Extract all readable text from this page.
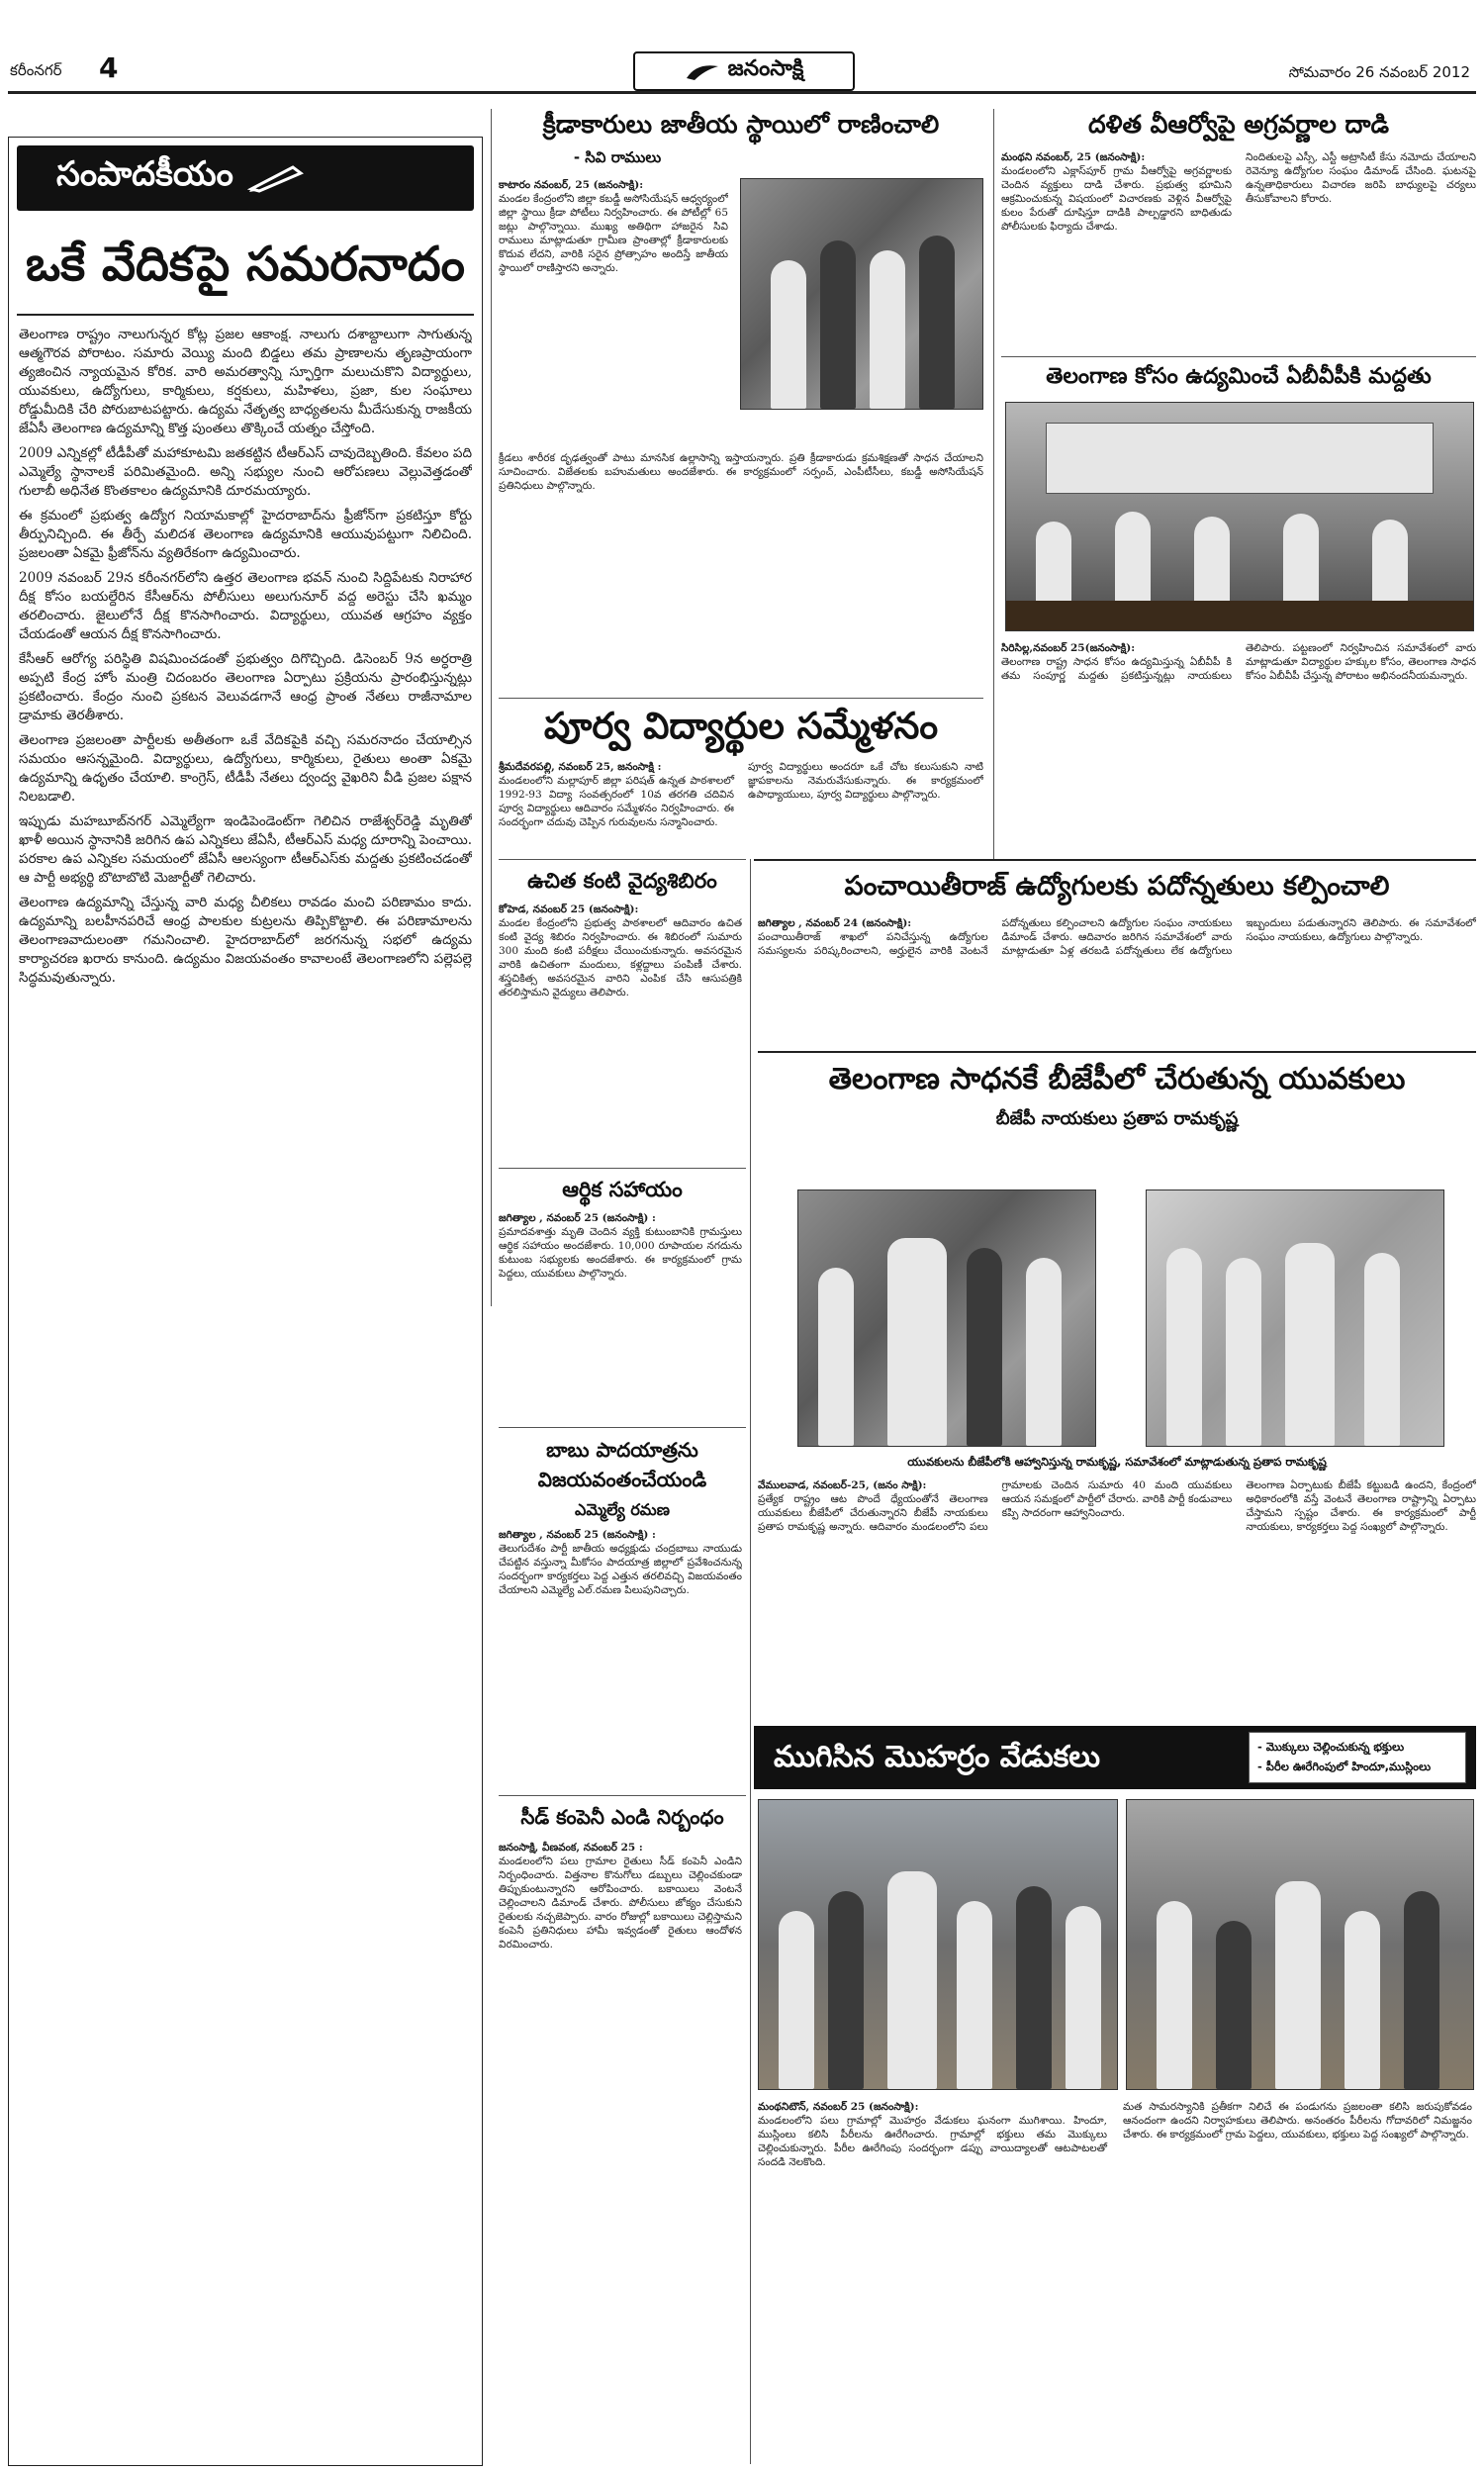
కరీంనగర్ 4	జనంసాక్షి	సోమవారం 26 నవంబర్ 2012
సంపాదకీయం
ఒకే వేదికపై సమరనాదం

తెలంగాణ రాష్ట్రం నాలుగున్నర కోట్ల ప్రజల ఆకాంక్ష. నాలుగు దశాబ్దాలుగా సాగుతున్న ఆత్మగౌరవ పోరాటం. సమారు వెయ్యి మంది బిడ్డలు తమ ప్రాణాలను తృణప్రాయంగా త్యజించిన న్యాయమైన కోరిక. వారి అమరత్వాన్ని స్ఫూర్తిగా మలుచుకొని విద్యార్థులు, యువకులు, ఉద్యోగులు, కార్మికులు, కర్షకులు, మహిళలు, ప్రజా, కుల సంఘాలు రోడ్డుమీదికి చేరి పోరుబాటపట్టారు. ఉద్యమ నేతృత్వ బాధ్యతలను మీదేసుకున్న రాజకీయ జేఏసీ తెలంగాణ ఉద్యమాన్ని కొత్త పుంతలు తొక్కించే యత్నం చేస్తోంది.

2009 ఎన్నికల్లో టీడీపీతో మహాకూటమి జతకట్టిన టీఆర్ఎస్ చావుదెబ్బతింది. కేవలం పది ఎమ్మెల్యే స్థానాలకే పరిమితమైంది. అన్ని సభ్యుల నుంచి ఆరోపణలు వెల్లువెత్తడంతో గులాబీ అధినేత కొంతకాలం ఉద్యమానికి దూరమయ్యారు.

ఈ క్రమంలో ప్రభుత్వ ఉద్యోగ నియామకాల్లో హైదరాబాద్‌ను ఫ్రీజోన్‌గా ప్రకటిస్తూ కోర్టు తీర్పునిచ్చింది. ఈ తీర్పే మలిదశ తెలంగాణ ఉద్యమానికి ఆయువుపట్టుగా నిలిచింది. ప్రజలంతా ఏకమై ఫ్రీజోన్‌ను వ్యతిరేకంగా ఉద్యమించారు.

2009 నవంబర్ 29న కరీంనగర్‌లోని ఉత్తర తెలంగాణ భవన్ నుంచి సిద్దిపేటకు నిరాహార దీక్ష కోసం బయల్దేరిన కేసీఆర్‌ను పోలీసులు అలుగునూర్ వద్ద అరెస్టు చేసి ఖమ్మం తరలించారు. జైలులోనే దీక్ష కొనసాగించారు. విద్యార్థులు, యువత ఆగ్రహం వ్యక్తం చేయడంతో ఆయన దీక్ష కొనసాగించారు.

కేసీఆర్ ఆరోగ్య పరిస్థితి విషమించడంతో ప్రభుత్వం దిగొచ్చింది. డిసెంబర్ 9న అర్ధరాత్రి అప్పటి కేంద్ర హోం మంత్రి చిదంబరం తెలంగాణ ఏర్పాటు ప్రక్రియను ప్రారంభిస్తున్నట్లు ప్రకటించారు. కేంద్రం నుంచి ప్రకటన వెలువడగానే ఆంధ్ర ప్రాంత నేతలు రాజీనామాల డ్రామాకు తెరతీశారు.

తెలంగాణ ప్రజలంతా పార్టీలకు అతీతంగా ఒకే వేదికపైకి వచ్చి సమరనాదం చేయాల్సిన సమయం ఆసన్నమైంది. విద్యార్థులు, ఉద్యోగులు, కార్మికులు, రైతులు అంతా ఏకమై ఉద్యమాన్ని ఉధృతం చేయాలి. కాంగ్రెస్, టీడీపీ నేతలు ద్వంద్వ వైఖరిని వీడి ప్రజల పక్షాన నిలబడాలి.

ఇప్పుడు మహబూబ్‌నగర్ ఎమ్మెల్యేగా ఇండిపెండెంట్‌గా గెలిచిన రాజేశ్వర్‌రెడ్డి మృతితో ఖాళీ అయిన స్థానానికి జరిగిన ఉప ఎన్నికలు జేఏసీ, టీఆర్ఎస్ మధ్య దూరాన్ని పెంచాయి. పరకాల ఉప ఎన్నికల సమయంలో జేఏసీ ఆలస్యంగా టీఆర్ఎస్‌కు మద్దతు ప్రకటించడంతో ఆ పార్టీ అభ్యర్థి బొటాబొటి మెజార్టీతో గెలిచారు.

తెలంగాణ ఉద్యమాన్ని చేస్తున్న వారి మధ్య చీలికలు రావడం మంచి పరిణామం కాదు. ఉద్యమాన్ని బలహీనపరిచే ఆంధ్ర పాలకుల కుట్రలను తిప్పికొట్టాలి. ఈ పరిణామాలను తెలంగాణవాదులంతా గమనించాలి. హైదరాబాద్‌లో జరగనున్న సభలో ఉద్యమ కార్యాచరణ ఖరారు కానుంది. ఉద్యమం విజయవంతం కావాలంటే తెలంగాణలోని పల్లెపల్లె సిద్ధమవుతున్నారు.

క్రీడాకారులు జాతీయ స్థాయిలో రాణించాలి
- సివి రాములు
కాటారం నవంబర్, 25 (జనంసాక్షి):

మండల కేంద్రంలోని జిల్లా కబడ్డీ అసోసియేషన్ ఆధ్వర్యంలో జిల్లా స్థాయి క్రీడా పోటీలు నిర్వహించారు. ఈ పోటీల్లో 65 జట్లు పాల్గొన్నాయి. ముఖ్య అతిథిగా హాజరైన సివి రాములు మాట్లాడుతూ గ్రామీణ ప్రాంతాల్లో క్రీడాకారులకు కొదువ లేదని, వారికి సరైన ప్రోత్సాహం అందిస్తే జాతీయ స్థాయిలో రాణిస్తారని అన్నారు.

క్రీడలు శారీరక దృఢత్వంతో పాటు మానసిక ఉల్లాసాన్ని ఇస్తాయన్నారు. ప్రతి క్రీడాకారుడు క్రమశిక్షణతో సాధన చేయాలని సూచించారు. విజేతలకు బహుమతులు అందజేశారు. ఈ కార్యక్రమంలో సర్పంచ్, ఎంపీటీసీలు, కబడ్డీ అసోసియేషన్ ప్రతినిధులు పాల్గొన్నారు.

పూర్వ విద్యార్థుల సమ్మేళనం
శ్రీమదేవరపల్లి, నవంబర్ 25, జనంసాక్షి :

మండలంలోని మల్లాపూర్ జిల్లా పరిషత్ ఉన్నత పాఠశాలలో 1992-93 విద్యా సంవత్సరంలో 10వ తరగతి చదివిన పూర్వ విద్యార్థులు ఆదివారం సమ్మేళనం నిర్వహించారు. ఈ సందర్భంగా చదువు చెప్పిన గురువులను సన్మానించారు.

పూర్వ విద్యార్థులు అందరూ ఒకే చోట కలుసుకుని నాటి జ్ఞాపకాలను నెమరువేసుకున్నారు. ఈ కార్యక్రమంలో ఉపాధ్యాయులు, పూర్వ విద్యార్థులు పాల్గొన్నారు.

ఉచిత కంటి వైద్యశిబిరం
కోహెడ, నవంబర్ 25 (జనంసాక్షి):

మండల కేంద్రంలోని ప్రభుత్వ పాఠశాలలో ఆదివారం ఉచిత కంటి వైద్య శిబిరం నిర్వహించారు. ఈ శిబిరంలో సుమారు 300 మంది కంటి పరీక్షలు చేయించుకున్నారు. అవసరమైన వారికి ఉచితంగా మందులు, కళ్లద్దాలు పంపిణీ చేశారు. శస్త్రచికిత్స అవసరమైన వారిని ఎంపిక చేసి ఆసుపత్రికి తరలిస్తామని వైద్యులు తెలిపారు.

ఆర్థిక సహాయం
జగిత్యాల , నవంబర్ 25 (జనంసాక్షి) :

ప్రమాదవశాత్తు మృతి చెందిన వ్యక్తి కుటుంబానికి గ్రామస్తులు ఆర్థిక సహాయం అందజేశారు. 10,000 రూపాయల నగదును కుటుంబ సభ్యులకు అందజేశారు. ఈ కార్యక్రమంలో గ్రామ పెద్దలు, యువకులు పాల్గొన్నారు.

బాబు పాదయాత్రను విజయవంతంచేయండి
ఎమ్మెల్యే రమణ
జగిత్యాల , నవంబర్ 25 (జనంసాక్షి) :

తెలుగుదేశం పార్టీ జాతీయ అధ్యక్షుడు చంద్రబాబు నాయుడు చేపట్టిన వస్తున్నా మీకోసం పాదయాత్ర జిల్లాలో ప్రవేశించనున్న సందర్భంగా కార్యకర్తలు పెద్ద ఎత్తున తరలివచ్చి విజయవంతం చేయాలని ఎమ్మెల్యే ఎల్.రమణ పిలుపునిచ్చారు.

సీడ్ కంపెనీ ఎండి నిర్బంధం
జనంసాక్షి, వీణవంక, నవంబర్ 25 :

మండలంలోని పలు గ్రామాల రైతులు సీడ్ కంపెనీ ఎండిని నిర్బంధించారు. విత్తనాల కొనుగోలు డబ్బులు చెల్లించకుండా తిప్పుకుంటున్నారని ఆరోపించారు. బకాయిలు వెంటనే చెల్లించాలని డిమాండ్ చేశారు. పోలీసులు జోక్యం చేసుకుని రైతులకు నచ్చజెప్పారు. వారం రోజుల్లో బకాయిలు చెల్లిస్తామని కంపెనీ ప్రతినిధులు హామీ ఇవ్వడంతో రైతులు ఆందోళన విరమించారు.

దళిత వీఆర్వోపై అగ్రవర్ణాల దాడి
మంథని నవంబర్, 25 (జనంసాక్షి):

మండలంలోని ఎక్లాస్‌పూర్ గ్రామ వీఆర్వోపై అగ్రవర్ణాలకు చెందిన వ్యక్తులు దాడి చేశారు. ప్రభుత్వ భూమిని ఆక్రమించుకున్న విషయంలో విచారణకు వెళ్లిన వీఆర్వోపై కులం పేరుతో దూషిస్తూ దాడికి పాల్పడ్డారని బాధితుడు పోలీసులకు ఫిర్యాదు చేశాడు.

నిందితులపై ఎస్సీ, ఎస్టీ అట్రాసిటీ కేసు నమోదు చేయాలని రెవెన్యూ ఉద్యోగుల సంఘం డిమాండ్ చేసింది. ఘటనపై ఉన్నతాధికారులు విచారణ జరిపి బాధ్యులపై చర్యలు తీసుకోవాలని కోరారు.

తెలంగాణ కోసం ఉద్యమించే ఏబీవీపీకి మద్దతు
సిరిసిల్ల,నవంబర్ 25(జనంసాక్షి):

తెలంగాణ రాష్ట్ర సాధన కోసం ఉద్యమిస్తున్న ఏబీవీపీ కి తమ సంపూర్ణ మద్దతు ప్రకటిస్తున్నట్లు నాయకులు తెలిపారు. పట్టణంలో నిర్వహించిన సమావేశంలో వారు మాట్లాడుతూ విద్యార్థుల హక్కుల కోసం, తెలంగాణ సాధన కోసం ఏబీవీపీ చేస్తున్న పోరాటం అభినందనీయమన్నారు.

పంచాయితీరాజ్ ఉద్యోగులకు పదోన్నతులు కల్పించాలి
జగిత్యాల , నవంబర్ 24 (జనంసాక్షి):

పంచాయితీరాజ్ శాఖలో పనిచేస్తున్న ఉద్యోగుల సమస్యలను పరిష్కరించాలని, అర్హులైన వారికి వెంటనే పదోన్నతులు కల్పించాలని ఉద్యోగుల సంఘం నాయకులు డిమాండ్ చేశారు. ఆదివారం జరిగిన సమావేశంలో వారు మాట్లాడుతూ ఏళ్ల తరబడి పదోన్నతులు లేక ఉద్యోగులు ఇబ్బందులు పడుతున్నారని తెలిపారు. ఈ సమావేశంలో సంఘం నాయకులు, ఉద్యోగులు పాల్గొన్నారు.

తెలంగాణ సాధనకే బీజేపీలో చేరుతున్న యువకులు
బీజేపీ నాయకులు ప్రతాప రామకృష్ణ
యువకులను బీజేపీలోకి ఆహ్వానిస్తున్న రామకృష్ణ, సమావేశంలో మాట్లాడుతున్న ప్రతాప రామకృష్ణ
వేములవాడ, నవంబర్-25, (జనం సాక్షి):

ప్రత్యేక రాష్ట్రం ఆట పొందే ధ్యేయంతోనే తెలంగాణ యువకులు బీజేపీలో చేరుతున్నారని బీజేపీ నాయకులు ప్రతాప రామకృష్ణ అన్నారు. ఆదివారం మండలంలోని పలు గ్రామాలకు చెందిన సుమారు 40 మంది యువకులు ఆయన సమక్షంలో పార్టీలో చేరారు. వారికి పార్టీ కండువాలు కప్పి సాదరంగా ఆహ్వానించారు.

తెలంగాణ ఏర్పాటుకు బీజేపీ కట్టుబడి ఉందని, కేంద్రంలో అధికారంలోకి వస్తే వెంటనే తెలంగాణ రాష్ట్రాన్ని ఏర్పాటు చేస్తామని స్పష్టం చేశారు. ఈ కార్యక్రమంలో పార్టీ నాయకులు, కార్యకర్తలు పెద్ద సంఖ్యలో పాల్గొన్నారు.

ముగిసిన మొహర్రం వేడుకలు	- మొక్కులు చెల్లించుకున్న భక్తులు
- పీరీల ఊరేగింపులో హిందూ,ముస్లింలు
మంథనిటౌన్, నవంబర్ 25 (జనంసాక్షి):

మండలంలోని పలు గ్రామాల్లో మొహర్రం వేడుకలు ఘనంగా ముగిశాయి. హిందూ, ముస్లింలు కలిసి పీరీలను ఊరేగించారు. గ్రామాల్లో భక్తులు తమ మొక్కులు చెల్లించుకున్నారు. పీరీల ఊరేగింపు సందర్భంగా డప్పు వాయిద్యాలతో ఆటపాటలతో సందడి నెలకొంది.

మత సామరస్యానికి ప్రతీకగా నిలిచే ఈ పండుగను ప్రజలంతా కలిసి జరుపుకోవడం ఆనందంగా ఉందని నిర్వాహకులు తెలిపారు. అనంతరం పీరీలను గోదావరిలో నిమజ్జనం చేశారు. ఈ కార్యక్రమంలో గ్రామ పెద్దలు, యువకులు, భక్తులు పెద్ద సంఖ్యలో పాల్గొన్నారు.
